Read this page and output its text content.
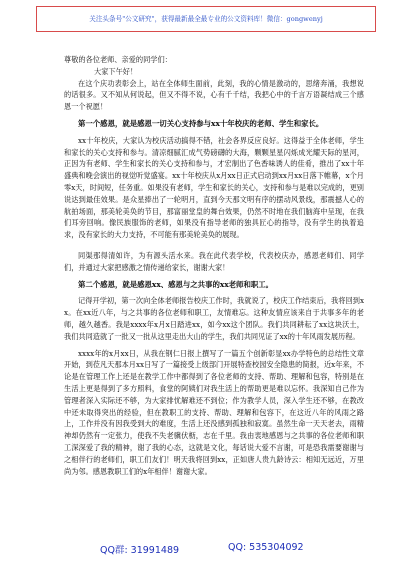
关注头条号"公文研究"，获得最新最全最专业的公文资料库！微信：gongwenyj

尊敬的各位老师、亲爱的同学们：

大家下午好！

在这个庆功表彰会上，站在全体师生面前，此刻，我的心情是激动的，思绪奔涌，我想说的话很多。又不知从何说起，但又不得不说，心有千千结，我把心中的千言万语凝结成三个感恩一个祝愿！

第一个感恩，就是感恩一切关心支持参与xx十年校庆的老师、学生和家长。

xx十年校庆，大家认为校庆活动搞得不错，社会各界反应良好。这得益于全体老师，学生和家长的关心支持和参与。清凉细腻汇成气势磅礴的大海，颗颗星星闪烁成光耀天际的星河，正因为有老师、学生和家长的关心支持和参与，才宏制出了色香味诱人的佳肴，推出了xx十年盛典和晚会演出的视觉听觉盛宴。xx十年校庆从x月xx日正式启动到xx月xx日落下帷幕，x个月零x天，时间短，任务重。如果没有老师，学生和家长的关心，支持和参与是难以完成的，更别说达到最佳效果。是众星捧出了一轮明月，直到今天那文明有序的摆动风景线，那震撼人心的航拍场面，那美轮美奂的节目，那富丽堂皇的舞台效果，仍然不时地在我们脑海中呈现，在我们耳旁回响。像民族服饰的老师，如果没有指导老师的独具匠心的指导，没有学生的执着追求，没有家长的大力支持，不可能有那美轮美奂的展现。

同渠那得清如许，为有源头活水来。我在此代表学校，代表校庆办，感恩老师们、同学们，并通过大家把感激之情传递给家长，谢谢大家！

第二个感恩，就是感恩xx、感恩与之共事的xx老师和职工。

记得开学初，第一次向全体老师报告校庆工作时，我就说了，校庆工作结束后，我将回到xx。在xx近八年，与之共事的各位老师和职工，友情难忘。这种友情应该来自于共事多年的老师，越久越香。我是xxxx年x月x日踏进xx，如今xx这个团队。我们共同耕耘了xx这块沃土，我们共同造就了一批又一批从这里走出大山的学生，我们共同见证了xx的十年风雨发展历程。

xxxx年的x月xx日，从我在钢仁日报上撰写了一篇五个创新彰显xx办学特色的总结性文章开始，到莅凡天那本月xx日写了一篇接受上级部门开展特查校园安全隐患的简报，近x年来，不论是在管理工作上还是在教学工作中都得到了各位老师的支持、帮助、理解和包容，特别是在生活上更是得到了多方照料，食堂的阿姨们对我生活上的帮助更是难以忘怀。我深知自己作为管理者深入实际还不够，为大家排忧解难还不到位；作为教学人员，深入学生还不够，在教改中还未取得突出的经验，但在教职工的支持、帮助、理解和包容下，在这近八年的风雨之路上，工作并没有因我受到大的难度，生活上还没感到孤独和寂寞。虽然生命一天天老去，雨精神却仍然有一定张力，使我不失老骥伏枥，志在千里。我由衷地感恩与之共事的各位老师和职工深深爱了我的精神，谢了我的心态，这就是文化，每话说大爱不言谢，可是恐我需要谢谢与之相伴行的老师们，职工们友们！明天我将回到xx，正如唐人贵九龄诗云：相知无远近，万里尚为邻。感恩教职工们的x年相伴！谢谢大家。

QQ群: 31991489	QQ: 535304092
